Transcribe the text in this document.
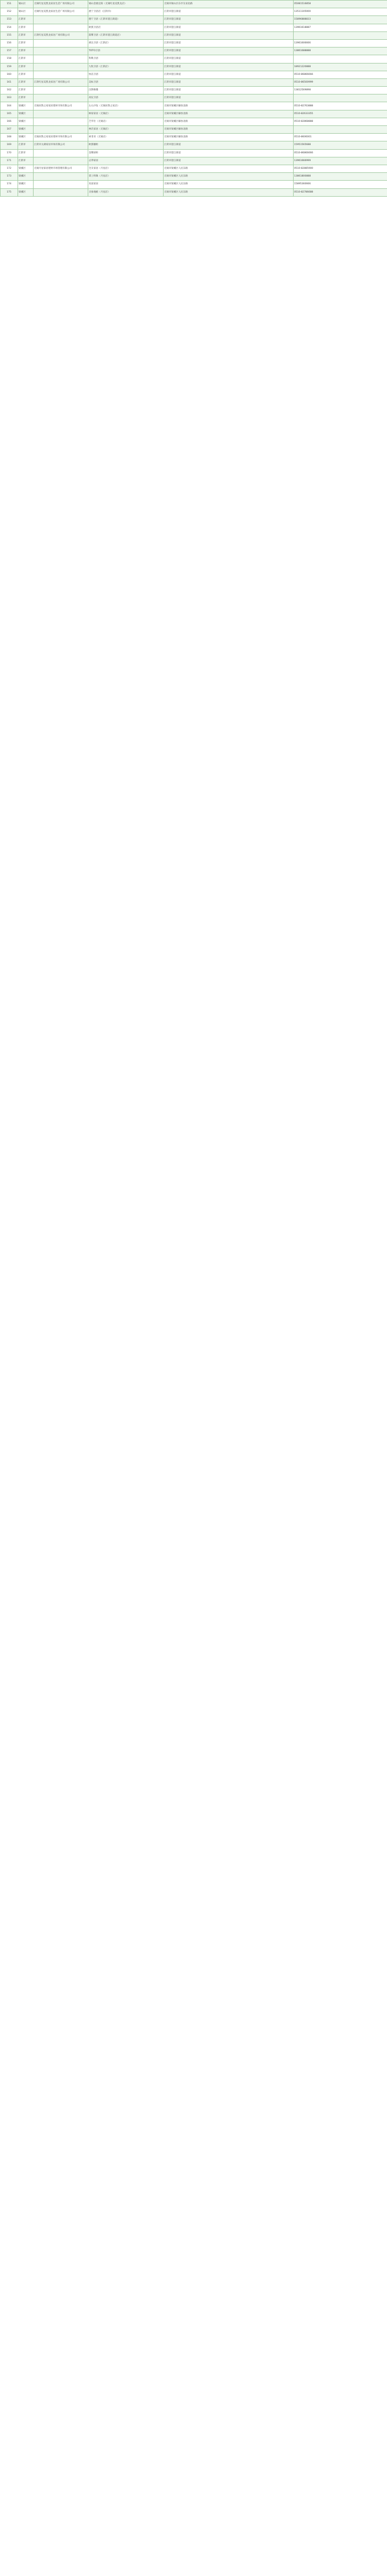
151	锡山区	无锡红星美凯龙家居生活广场有限公司	锡山金惠宜阳（无锡红星美凯龙店）	无锡市锡山区东亭友谊北路	05081516858
152	锡山区	无锡红星美凯龙家居生活广场有限公司	惠宁卫浴店（江阴市)	江阴市澄江街道	13511105000
153	江阴市		德宁卫浴（江阴市澄江街道）	江阴市澄江街道	15896888833
154	江阴市		欧派卫浴店	江阴市澄江街道	13961618887
155	江阴市	江阴红星美凯龙家居广场有限公司	箭牌卫浴（江阴市澄江街道店）	江阴市澄江街道	
156	江阴市		惠达卫浴（江阴店）	江阴市澄江街道	13961606666
157	江阴市		TOTO卫浴	江阴市澄江街道	13861688888
158	江阴市		科勒卫浴	江阴市澄江街道	
159	江阴市		九牧卫浴（江阴店）	江阴市澄江街道	18921220888
160	江阴市		恒洁卫浴	江阴市澄江街道	0510-86866666
161	江阴市	江阴红星美凯龙家居广场有限公司	美标卫浴	江阴市澄江街道	0510-86500999
162	江阴市		汉斯格雅	江阴市澄江街道	13812569898
163	江阴市		高仪卫浴	江阴市澄江街道	
164	梁溪区	无锡居然之家家居建材市场有限公司	左右沙发（无锡居然之家店）	无锡市梁溪区解放北路	0510-82763888
165	梁溪区		顾家家居（无锡店）	无锡市梁溪区解放北路	0510-82633355
166	梁溪区		芝华仕（无锡店）	无锡市梁溪区解放北路	0510-82868888
167	梁溪区		林氏家居（无锡店）	无锡市梁溪区解放北路	
168	梁溪区	无锡居然之家家居建材市场有限公司	索菲亚（无锡店）	无锡市梁溪区解放北路	0510-8606001
169	江阴市	江阴市太湖家居市场有限公司	欧派橱柜	江阴市澄江街道	15951565688
170	江阴市		金牌厨柜	江阴市澄江街道	0510-86866666
171	江阴市		志邦家居	江阴市澄江街道	13961666999
172	梁溪区	无锡月星家居建材市场管理有限公司	全友家居（月星店）	无锡市梁溪区人民东路	0510-82885900
173	梁溪区		掌上明珠（月星店）	无锡市梁溪区人民东路	13861800888
174	梁溪区		双虎家居	无锡市梁溪区人民东路	15895360666
175	梁溪区		圣象地板（月星店）	无锡市梁溪区人民东路	0510-82786688
